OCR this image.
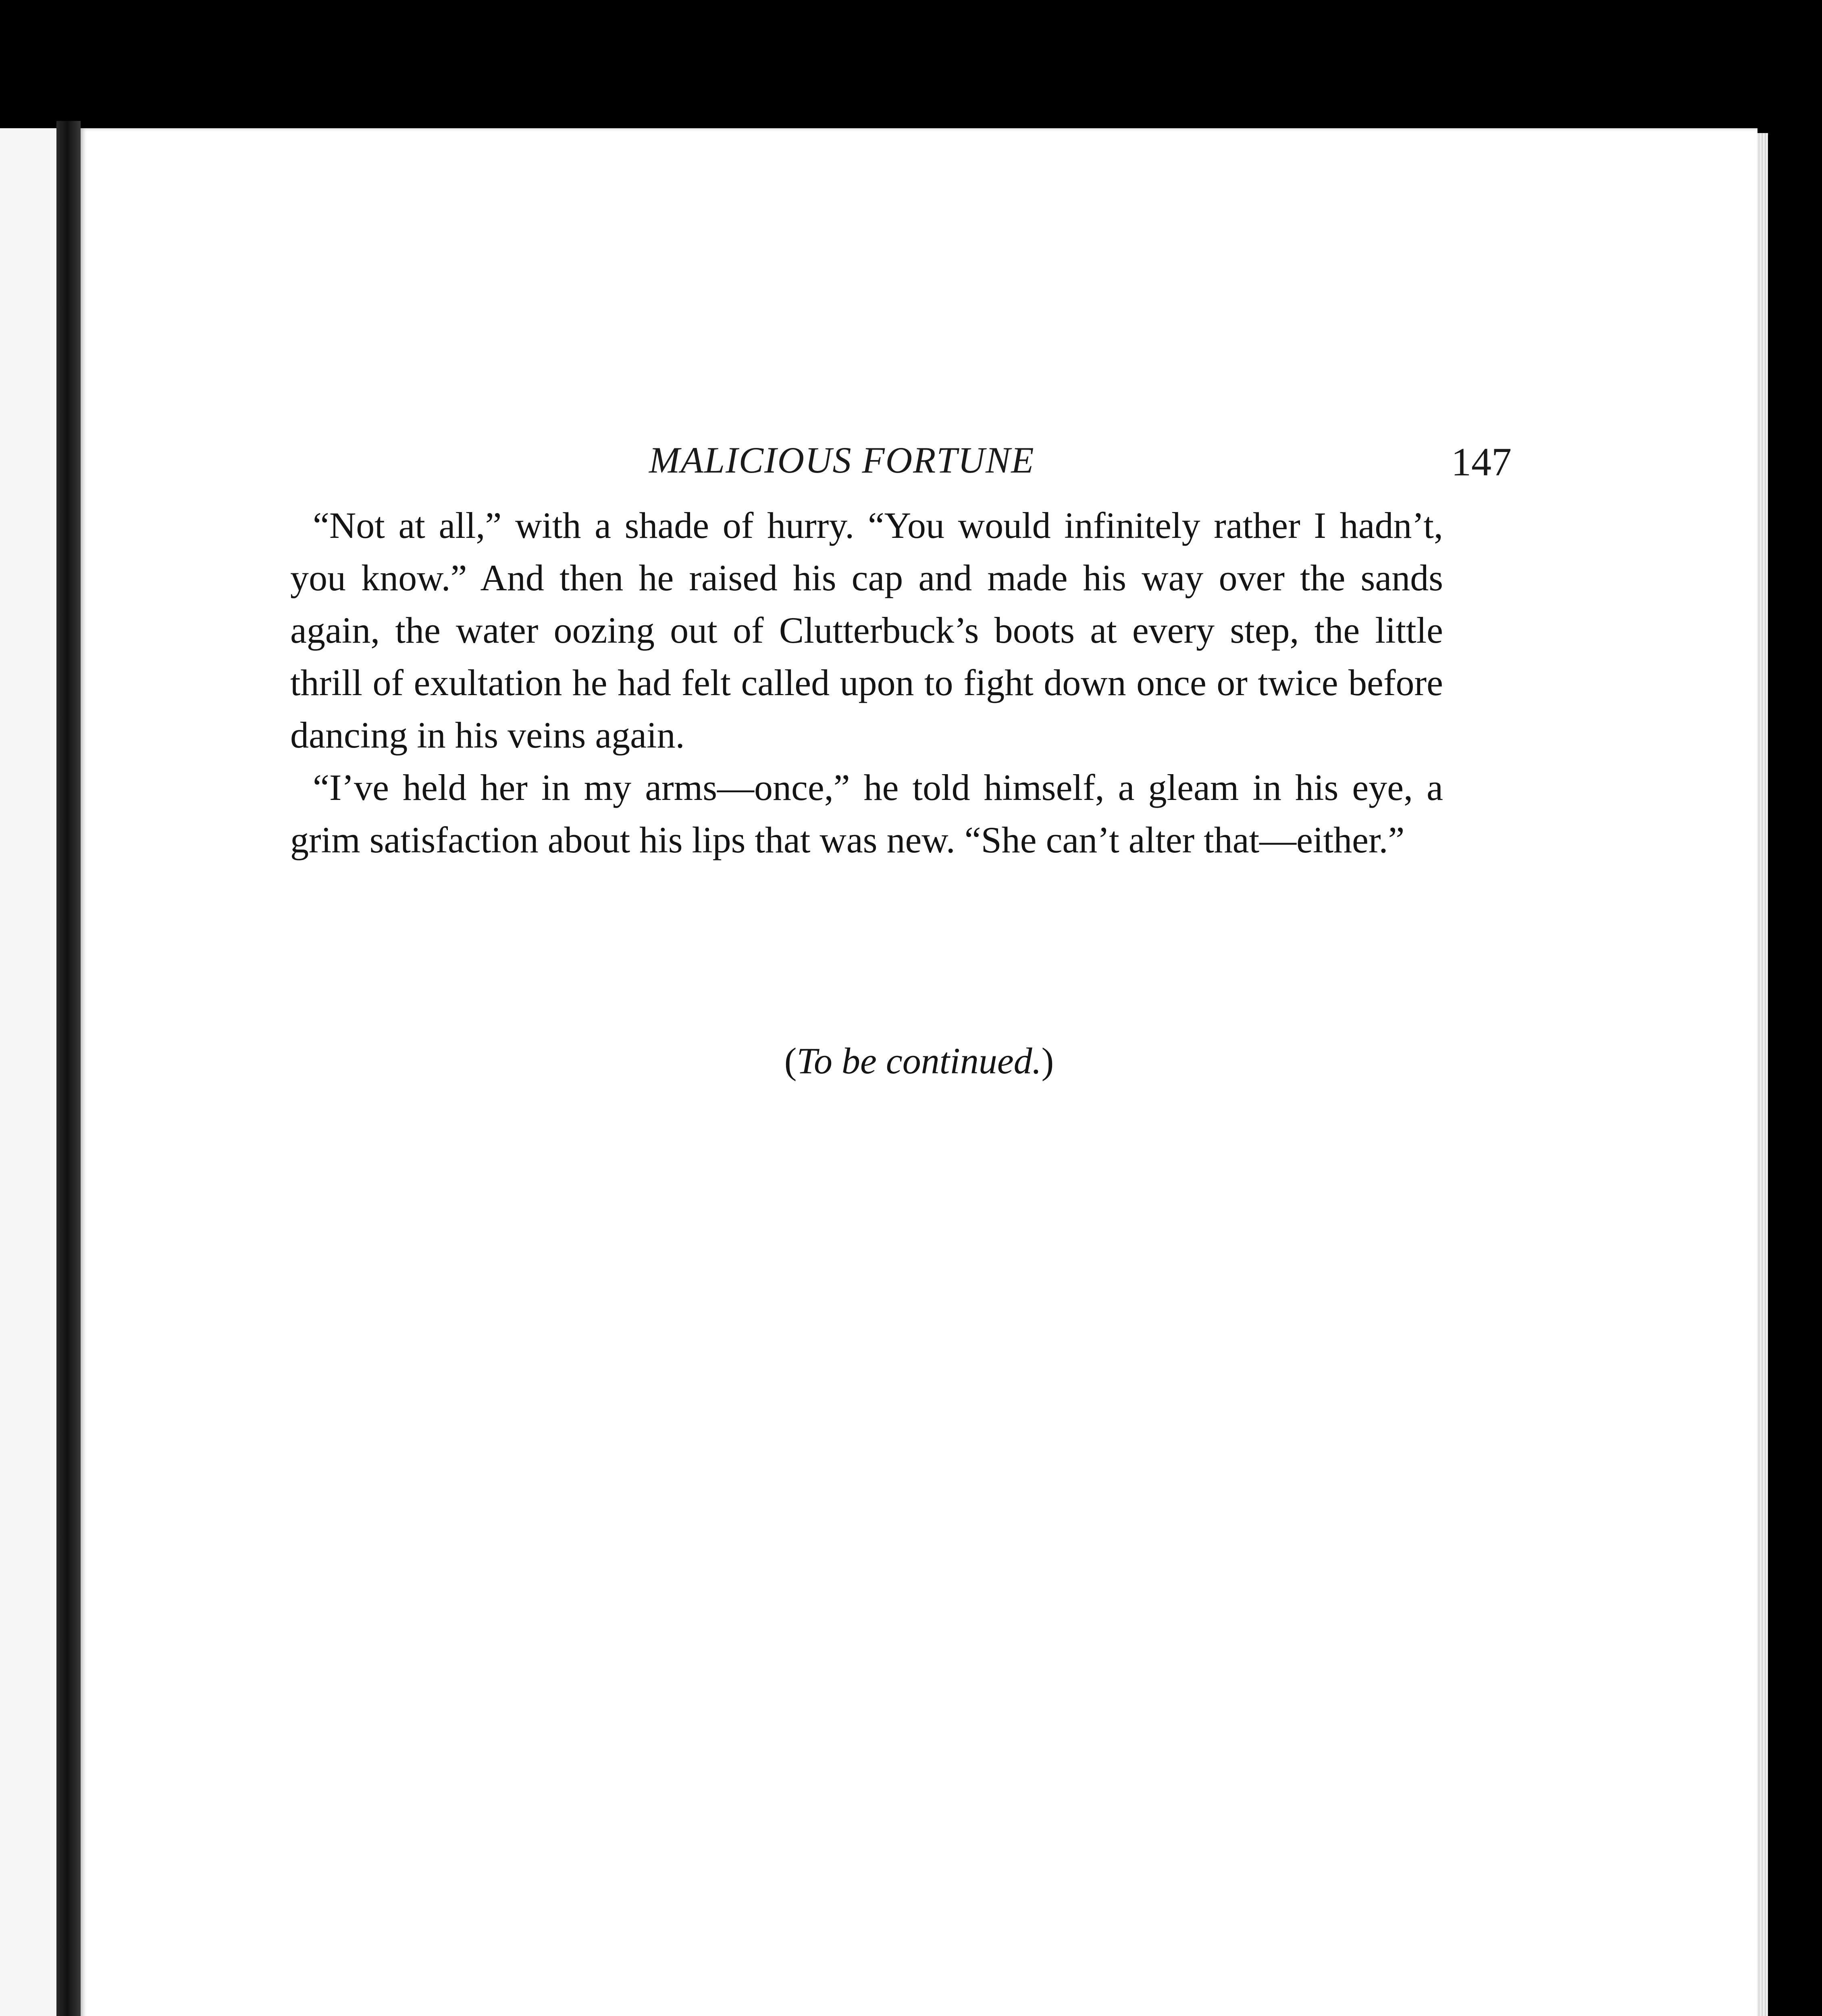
MALICIOUS FORTUNE	147

“Not at all,” with a shade of hurry. “You would infinitely rather I hadn’t, you know.” And then he raised his cap and made his way over the sands again, the water oozing out of Clutterbuck’s boots at every step, the little thrill of exultation he had felt called upon to fight down once or twice before dancing in his veins again.

“I’ve held her in my arms—once,” he told himself, a gleam in his eye, a grim satisfaction about his lips that was new. “She can’t alter that—either.”

(To be continued.)
